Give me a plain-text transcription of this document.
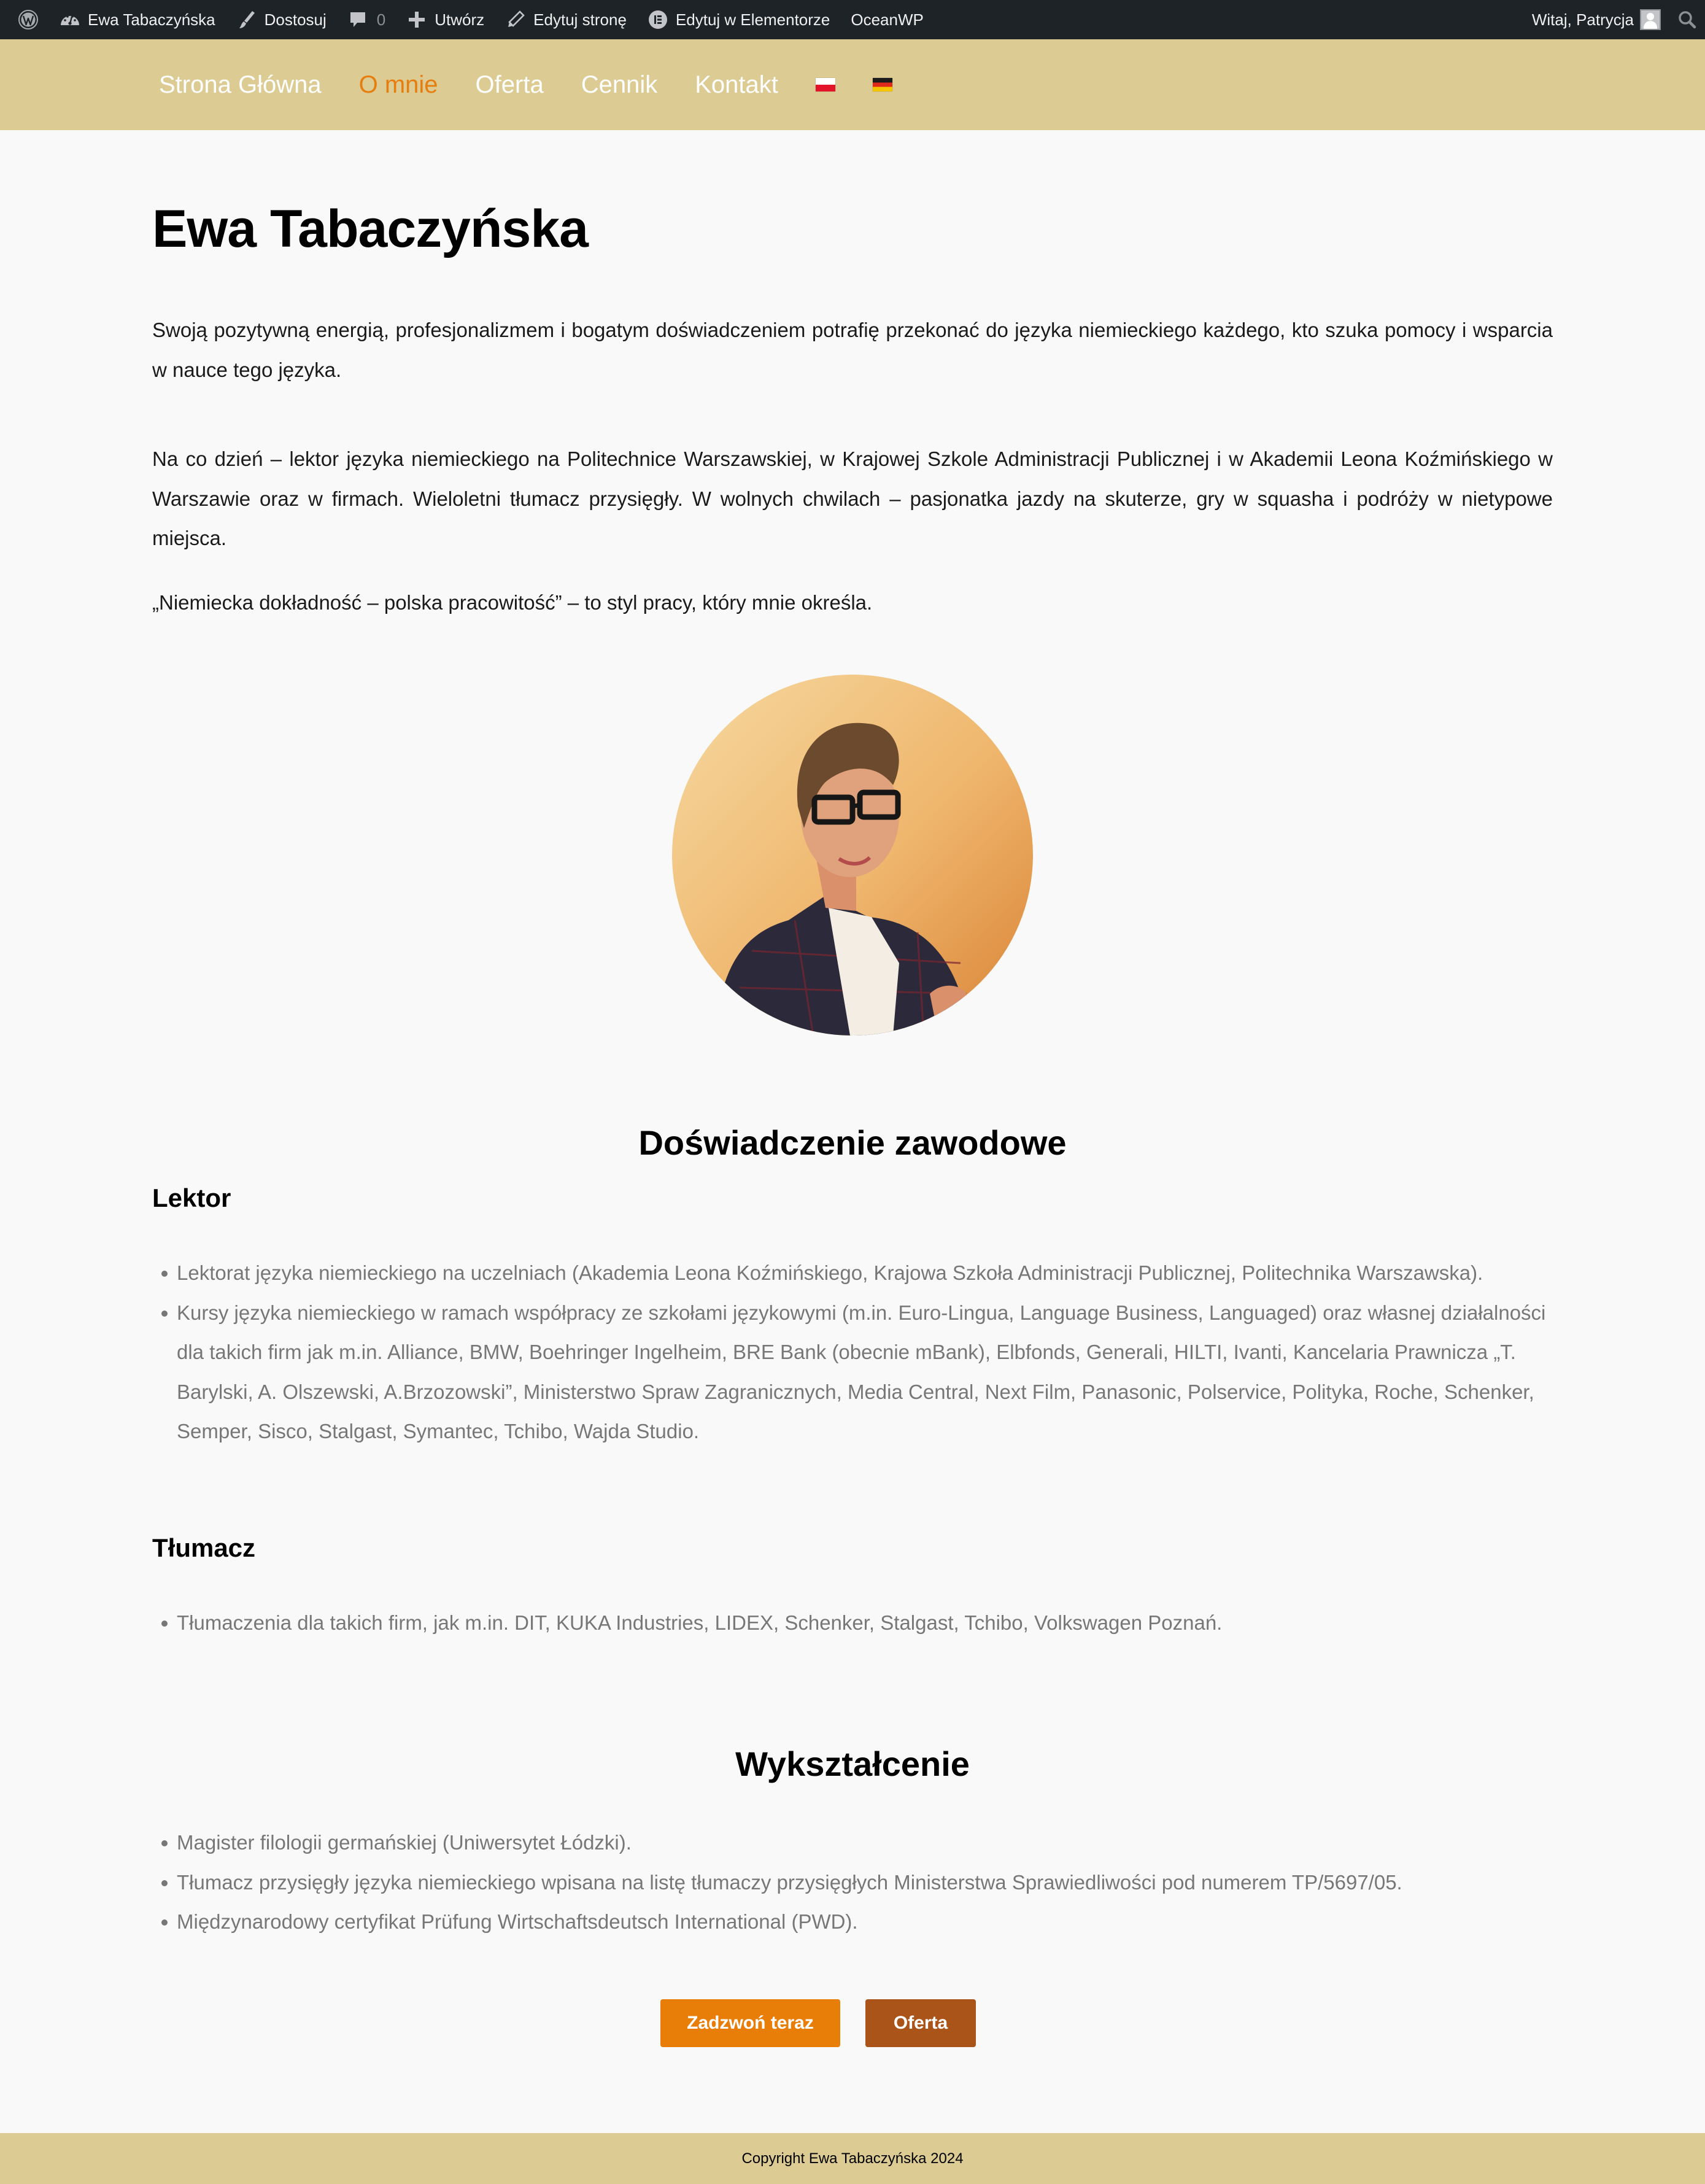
Ewa Tabaczyńska	Dostosuj	0	Utwórz	Edytuj stronę	Edytuj w Elementorze OceanWP	Witaj, Patrycja
Strona Główna O mnie Oferta Cennik Kontakt
Ewa Tabaczyńska

Swoją pozytywną energią, profesjonalizmem i bogatym doświadczeniem potrafię przekonać do języka niemieckiego każdego, kto szuka pomocy i wsparcia w nauce tego języka.

Na co dzień – lektor języka niemieckiego na Politechnice Warszawskiej, w Krajowej Szkole Administracji Publicznej i w Akademii Leona Koźmińskiego w Warszawie oraz w firmach. Wieloletni tłumacz przysięgły. W wolnych chwilach – pasjonatka jazdy na skuterze, gry w squasha i podróży w nietypowe miejsca.

„Niemiecka dokładność – polska pracowitość” – to styl pracy, który mnie określa.

Doświadczenie zawodowe
Lektor
Lektorat języka niemieckiego na uczelniach (Akademia Leona Koźmińskiego, Krajowa Szkoła Administracji Publicznej, Politechnika Warszawska).
Kursy języka niemieckiego w ramach współpracy ze szkołami językowymi (m.in. Euro-Lingua, Language Business, Languaged) oraz własnej działalności dla takich firm jak m.in. Alliance, BMW, Boehringer Ingelheim, BRE Bank (obecnie mBank), Elbfonds, Generali, HILTI, Ivanti, Kancelaria Prawnicza „T. Barylski, A. Olszewski, A.Brzozowski”, Ministerstwo Spraw Zagranicznych, Media Central, Next Film, Panasonic, Polservice, Polityka, Roche, Schenker, Semper, Sisco, Stalgast, Symantec, Tchibo, Wajda Studio.
Tłumacz
Tłumaczenia dla takich firm, jak m.in. DIT, KUKA Industries, LIDEX, Schenker, Stalgast, Tchibo, Volkswagen Poznań.
Wykształcenie
Magister filologii germańskiej (Uniwersytet Łódzki).
Tłumacz przysięgły języka niemieckiego wpisana na listę tłumaczy przysięgłych Ministerstwa Sprawiedliwości pod numerem TP/5697/05.
Międzynarodowy certyfikat Prüfung Wirtschaftsdeutsch International (PWD).
Zadzwoń teraz	Oferta
Copyright Ewa Tabaczyńska 2024
